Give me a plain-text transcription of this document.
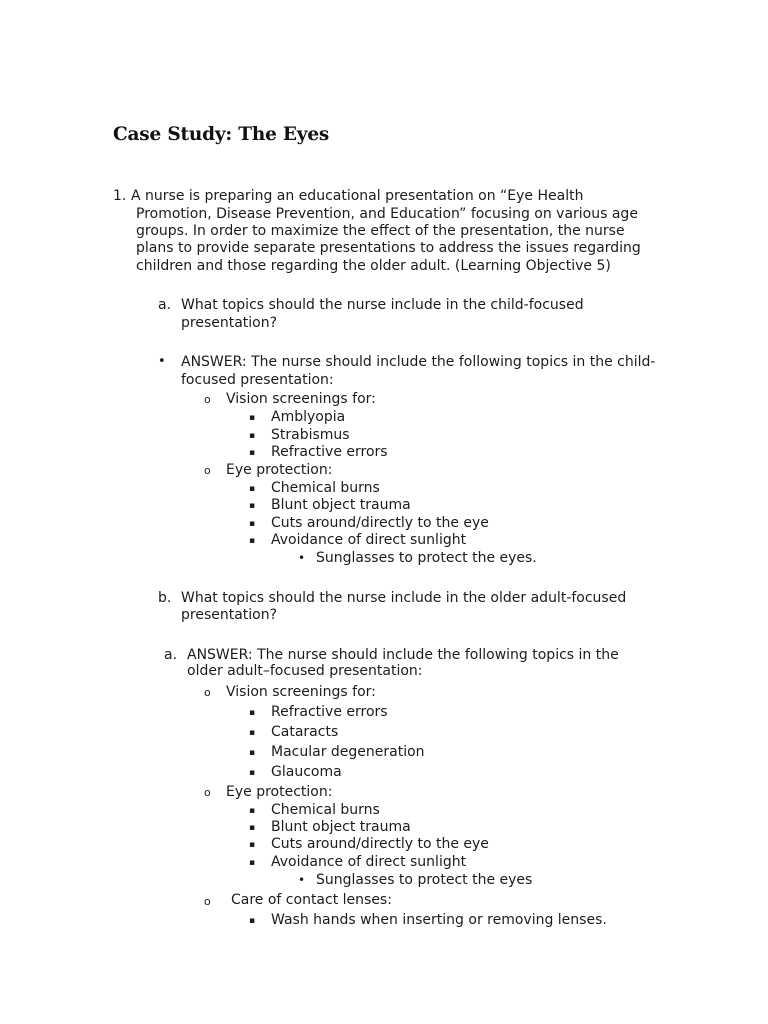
Case Study: The Eyes
1. A nurse is preparing an educational presentation on “Eye Health
Promotion, Disease Prevention, and Education” focusing on various age
groups. In order to maximize the effect of the presentation, the nurse
plans to provide separate presentations to address the issues regarding
children and those regarding the older adult. (Learning Objective 5)
a. What topics should the nurse include in the child-focused
presentation?
• ANSWER: The nurse should include the following topics in the child-
focused presentation:
o Vision screenings for:
▪ Amblyopia
▪ Strabismus
▪ Refractive errors
o Eye protection:
▪ Chemical burns
▪ Blunt object trauma
▪ Cuts around/directly to the eye
▪ Avoidance of direct sunlight
• Sunglasses to protect the eyes.
b. What topics should the nurse include in the older adult-focused
presentation?
a. ANSWER: The nurse should include the following topics in the
older adult–focused presentation:
o Vision screenings for:
▪ Refractive errors
▪ Cataracts
▪ Macular degeneration
▪ Glaucoma
o Eye protection:
▪ Chemical burns
▪ Blunt object trauma
▪ Cuts around/directly to the eye
▪ Avoidance of direct sunlight
• Sunglasses to protect the eyes
o Care of contact lenses:
▪ Wash hands when inserting or removing lenses.
